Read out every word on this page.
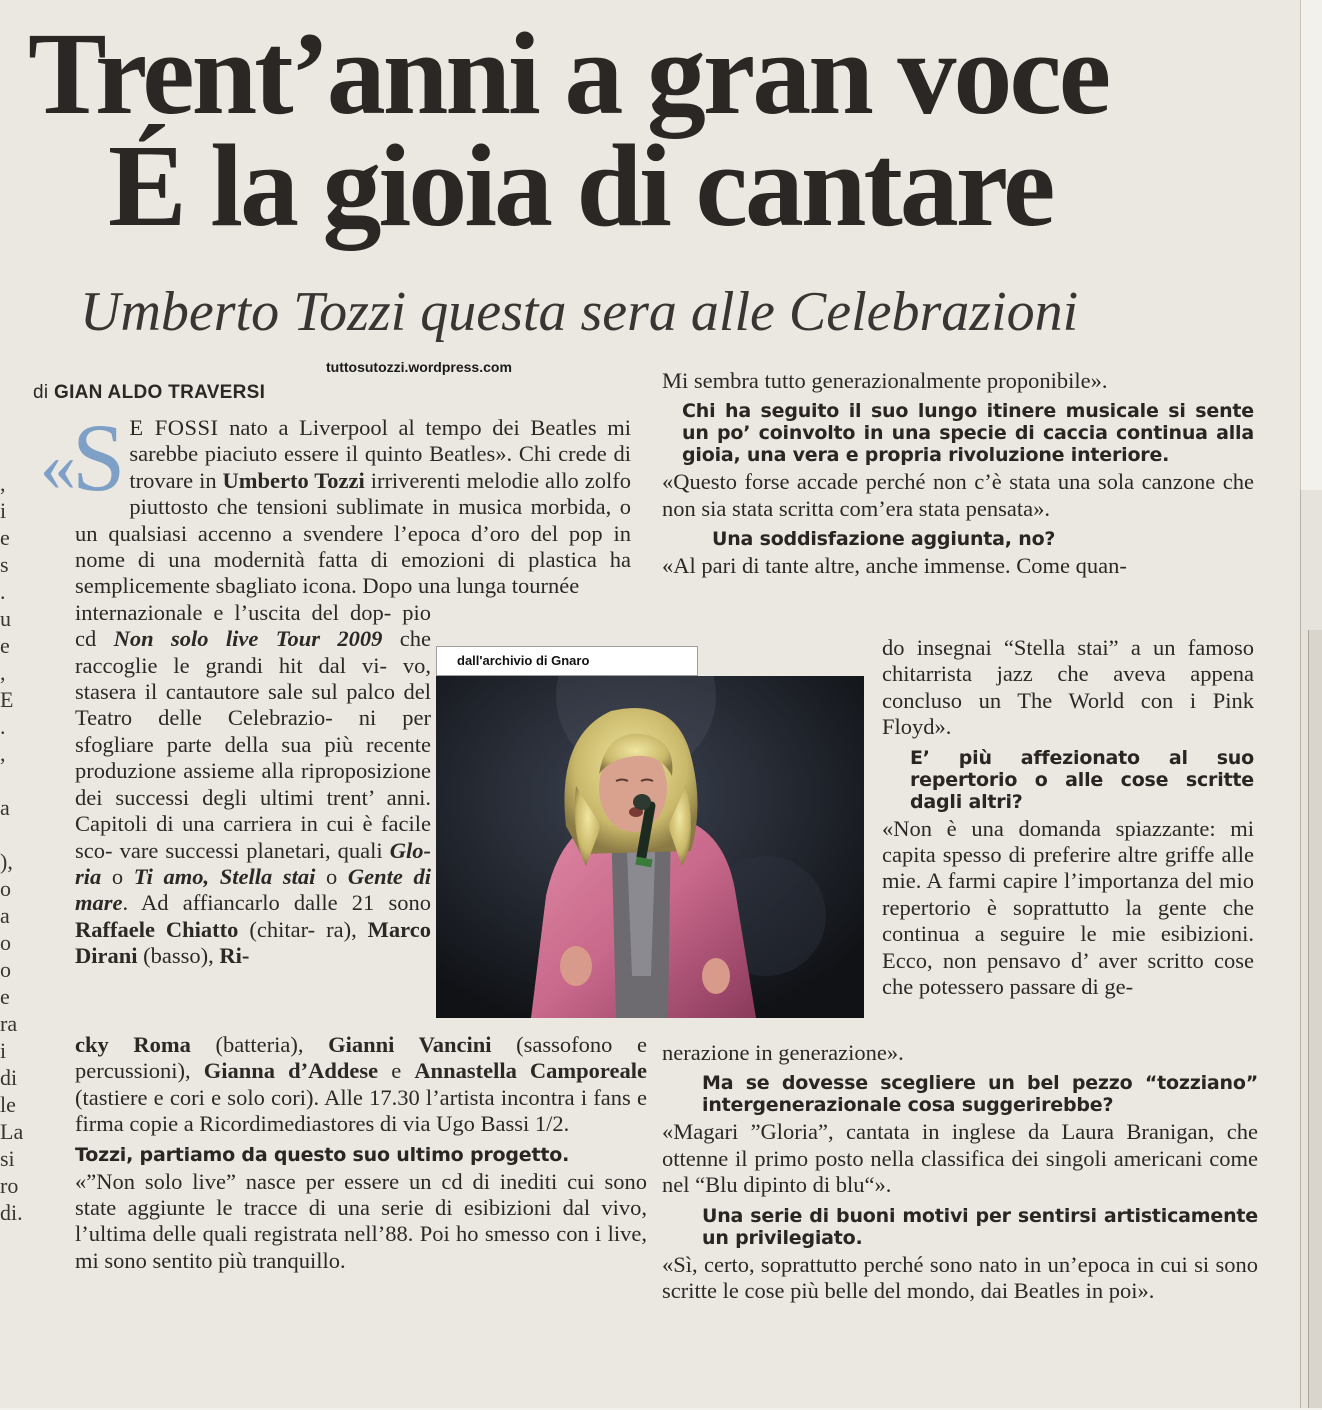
,
i
e
s
.
u
e
,
E
.
,
a
),
o
a
o
o
e
ra
i
di
le
La
si
ro
di.
Trent’anni a gran voce
É la gioia di cantare
Umberto Tozzi questa sera alle Celebrazioni
tuttosutozzi.wordpress.com
di GIAN ALDO TRAVERSI

«S E FOSSI nato a Liverpool al tempo dei Beatles mi sarebbe piaciuto essere il quinto Beatles». Chi crede di trovare in Umberto Tozzi irriverenti melodie allo zolfo piuttosto che tensioni sublimate in musica morbida, o un qualsiasi accenno a svendere l’epoca d’oro del pop in nome di una modernità fatta di emozioni di plastica ha semplicemente sbagliato icona. Dopo una lunga tournée

internazionale e l’uscita del dop- pio cd Non solo live Tour 2009 che raccoglie le grandi hit dal vi- vo, stasera il cantautore sale sul palco del Teatro delle Celebrazio- ni per sfogliare parte della sua più recente produzione assieme alla riproposizione dei successi degli ultimi trent’ anni. Capitoli di una carriera in cui è facile sco- vare successi planetari, quali Glo-ria o Ti amo, Stella stai o Gente di mare. Ad affiancarlo dalle 21 sono Raffaele Chiatto (chitar- ra), Marco Dirani (basso), Ri-

cky Roma (batteria), Gianni Vancini (sassofono e percussioni), Gianna d’Addese e Annastella Camporeale (tastiere e cori e solo cori). Alle 17.30 l’artista incontra i fans e firma copie a Ricordimediastores di via Ugo Bassi 1/2.

Tozzi, partiamo da questo suo ultimo progetto.

«”Non solo live” nasce per essere un cd di inediti cui sono state aggiunte le tracce di una serie di esibizioni dal vivo, l’ultima delle quali registrata nell’88. Poi ho smesso con i live, mi sono sentito più tranquillo.

Mi sembra tutto generazionalmente proponibile».

Chi ha seguito il suo lungo itinere musicale si sente un po’ coinvolto in una specie di caccia continua alla gioia, una vera e propria rivoluzione interiore.

«Questo forse accade perché non c’è stata una sola canzone che non sia stata scritta com’era stata pensata».

Una soddisfazione aggiunta, no?

«Al pari di tante altre, anche immense. Come quan-

do insegnai “Stella stai” a un famoso chitarrista jazz che aveva appena concluso un The World con i Pink Floyd».

E’ più affezionato al suo repertorio o alle cose scritte dagli altri?

«Non è una domanda spiazzante: mi capita spesso di preferire altre griffe alle mie. A farmi capire l’importanza del mio repertorio è soprattutto la gente che continua a seguire le mie esibizioni. Ecco, non pensavo d’ aver scritto cose che potessero passare di ge-

nerazione in generazione».

Ma se dovesse scegliere un bel pezzo “tozziano” intergenerazionale cosa suggerirebbe?

«Magari ”Gloria”, cantata in inglese da Laura Branigan, che ottenne il primo posto nella classifica dei singoli americani come nel “Blu dipinto di blu“».

Una serie di buoni motivi per sentirsi artisticamente un privilegiato.

«Sì, certo, soprattutto perché sono nato in un’epoca in cui si sono scritte le cose più belle del mondo, dai Beatles in poi».

dall'archivio di Gnaro
